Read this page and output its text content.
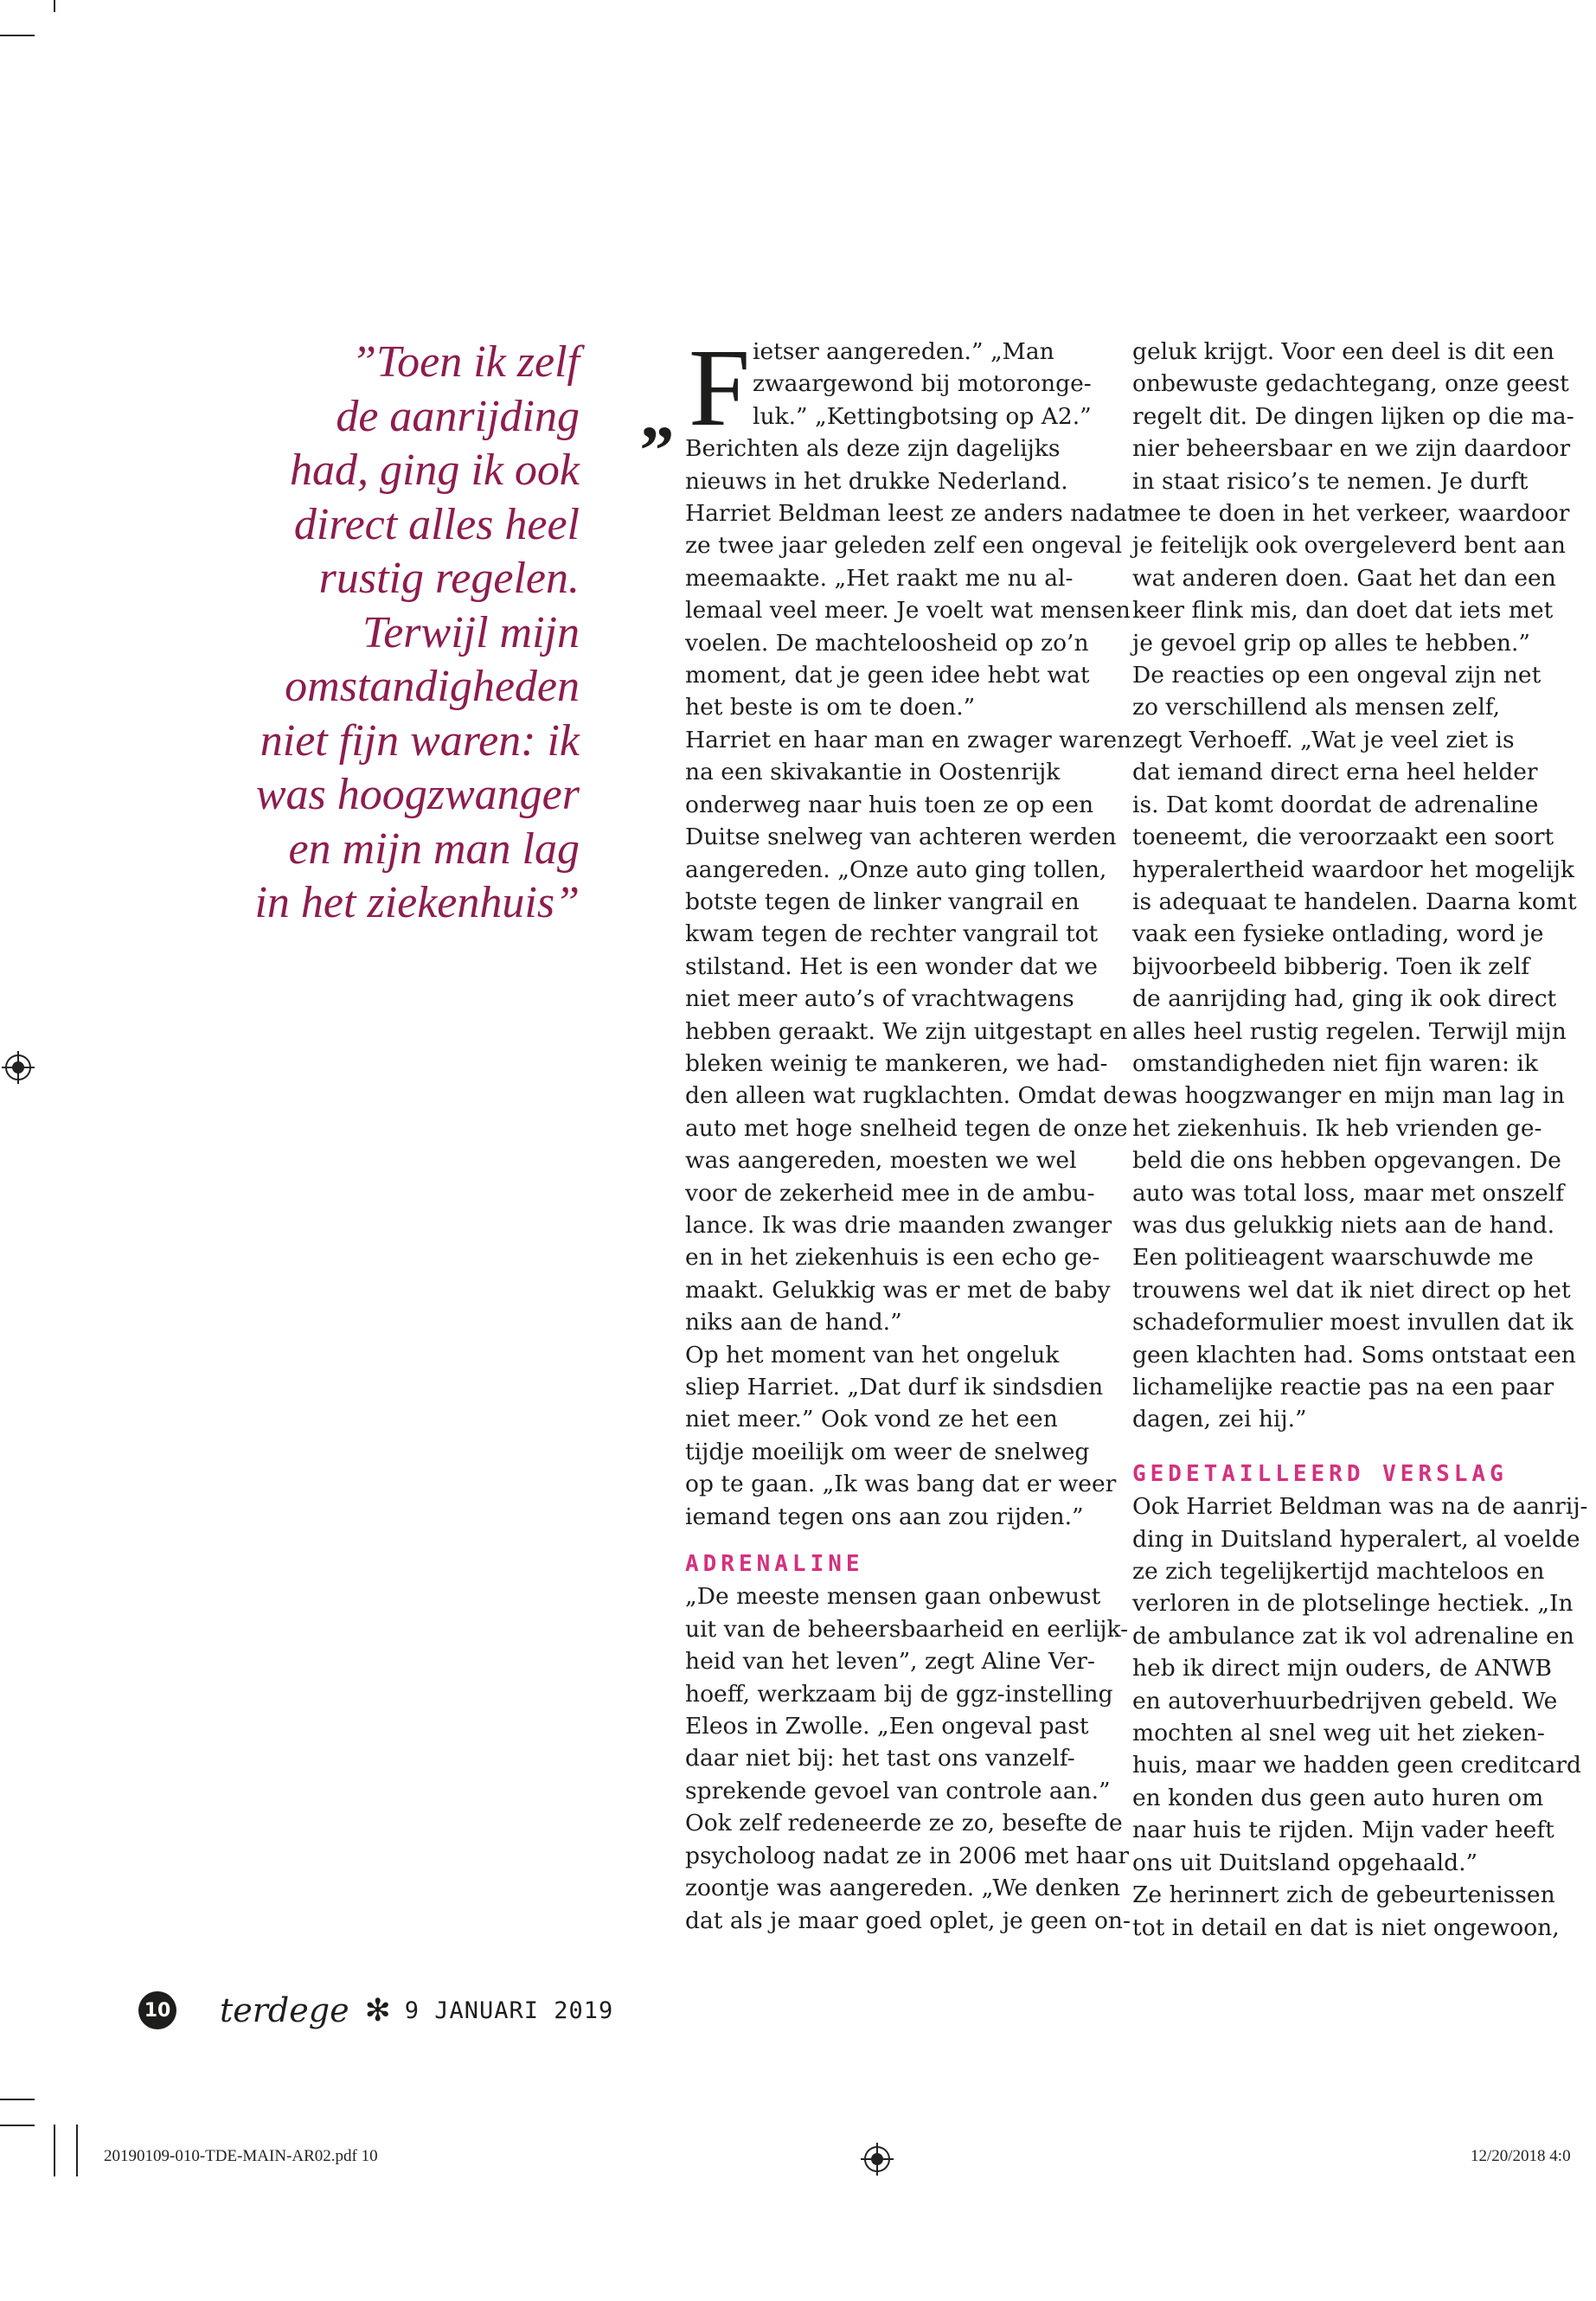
”Toen ik zelf
de aanrijding
had, ging ik ook
direct alles heel
rustig regelen.
Terwijl mijn
omstandigheden
niet fijn waren: ik
was hoogzwanger
en mijn man lag
in het ziekenhuis”
„ F ietser aangereden.” „Man
zwaargewond bij motoronge-
luk.” „Kettingbotsing op A2.”
Berichten als deze zijn dagelijks
nieuws in het drukke Nederland.
Harriet Beldman leest ze anders nadat
ze twee jaar geleden zelf een ongeval
meemaakte. „Het raakt me nu al-
lemaal veel meer. Je voelt wat mensen
voelen. De machteloosheid op zo’n
moment, dat je geen idee hebt wat
het beste is om te doen.”
Harriet en haar man en zwager waren
na een skivakantie in Oostenrijk
onderweg naar huis toen ze op een
Duitse snelweg van achteren werden
aangereden. „Onze auto ging tollen,
botste tegen de linker vangrail en
kwam tegen de rechter vangrail tot
stilstand. Het is een wonder dat we
niet meer auto’s of vrachtwagens
hebben geraakt. We zijn uitgestapt en
bleken weinig te mankeren, we had-
den alleen wat rugklachten. Omdat de
auto met hoge snelheid tegen de onze
was aangereden, moesten we wel
voor de zekerheid mee in de ambu-
lance. Ik was drie maanden zwanger
en in het ziekenhuis is een echo ge-
maakt. Gelukkig was er met de baby
niks aan de hand.”
Op het moment van het ongeluk
sliep Harriet. „Dat durf ik sindsdien
niet meer.” Ook vond ze het een
tijdje moeilijk om weer de snelweg
op te gaan. „Ik was bang dat er weer
iemand tegen ons aan zou rijden.”
ADRENALINE
„De meeste mensen gaan onbewust
uit van de beheersbaarheid en eerlijk-
heid van het leven”, zegt Aline Ver-
hoeff, werkzaam bij de ggz-instelling
Eleos in Zwolle. „Een ongeval past
daar niet bij: het tast ons vanzelf-
sprekende gevoel van controle aan.”
Ook zelf redeneerde ze zo, besefte de
psycholoog nadat ze in 2006 met haar
zoontje was aangereden. „We denken
dat als je maar goed oplet, je geen on-
geluk krijgt. Voor een deel is dit een
onbewuste gedachtegang, onze geest
regelt dit. De dingen lijken op die ma-
nier beheersbaar en we zijn daardoor
in staat risico’s te nemen. Je durft
mee te doen in het verkeer, waardoor
je feitelijk ook overgeleverd bent aan
wat anderen doen. Gaat het dan een
keer flink mis, dan doet dat iets met
je gevoel grip op alles te hebben.”
De reacties op een ongeval zijn net
zo verschillend als mensen zelf,
zegt Verhoeff. „Wat je veel ziet is
dat iemand direct erna heel helder
is. Dat komt doordat de adrenaline
toeneemt, die veroorzaakt een soort
hyperalertheid waardoor het mogelijk
is adequaat te handelen. Daarna komt
vaak een fysieke ontlading, word je
bijvoorbeeld bibberig. Toen ik zelf
de aanrijding had, ging ik ook direct
alles heel rustig regelen. Terwijl mijn
omstandigheden niet fijn waren: ik
was hoogzwanger en mijn man lag in
het ziekenhuis. Ik heb vrienden ge-
beld die ons hebben opgevangen. De
auto was total loss, maar met onszelf
was dus gelukkig niets aan de hand.
Een politieagent waarschuwde me
trouwens wel dat ik niet direct op het
schadeformulier moest invullen dat ik
geen klachten had. Soms ontstaat een
lichamelijke reactie pas na een paar
dagen, zei hij.”
GEDETAILLEERD VERSLAG
Ook Harriet Beldman was na de aanrij-
ding in Duitsland hyperalert, al voelde
ze zich tegelijkertijd machteloos en
verloren in de plotselinge hectiek. „In
de ambulance zat ik vol adrenaline en
heb ik direct mijn ouders, de ANWB
en autoverhuurbedrijven gebeld. We
mochten al snel weg uit het zieken-
huis, maar we hadden geen creditcard
en konden dus geen auto huren om
naar huis te rijden. Mijn vader heeft
ons uit Duitsland opgehaald.”
Ze herinnert zich de gebeurtenissen
tot in detail en dat is niet ongewoon,
10 terdege ✻ 9 JANUARI 2019
20190109-010-TDE-MAIN-AR02.pdf 10	12/20/2018 4:0
